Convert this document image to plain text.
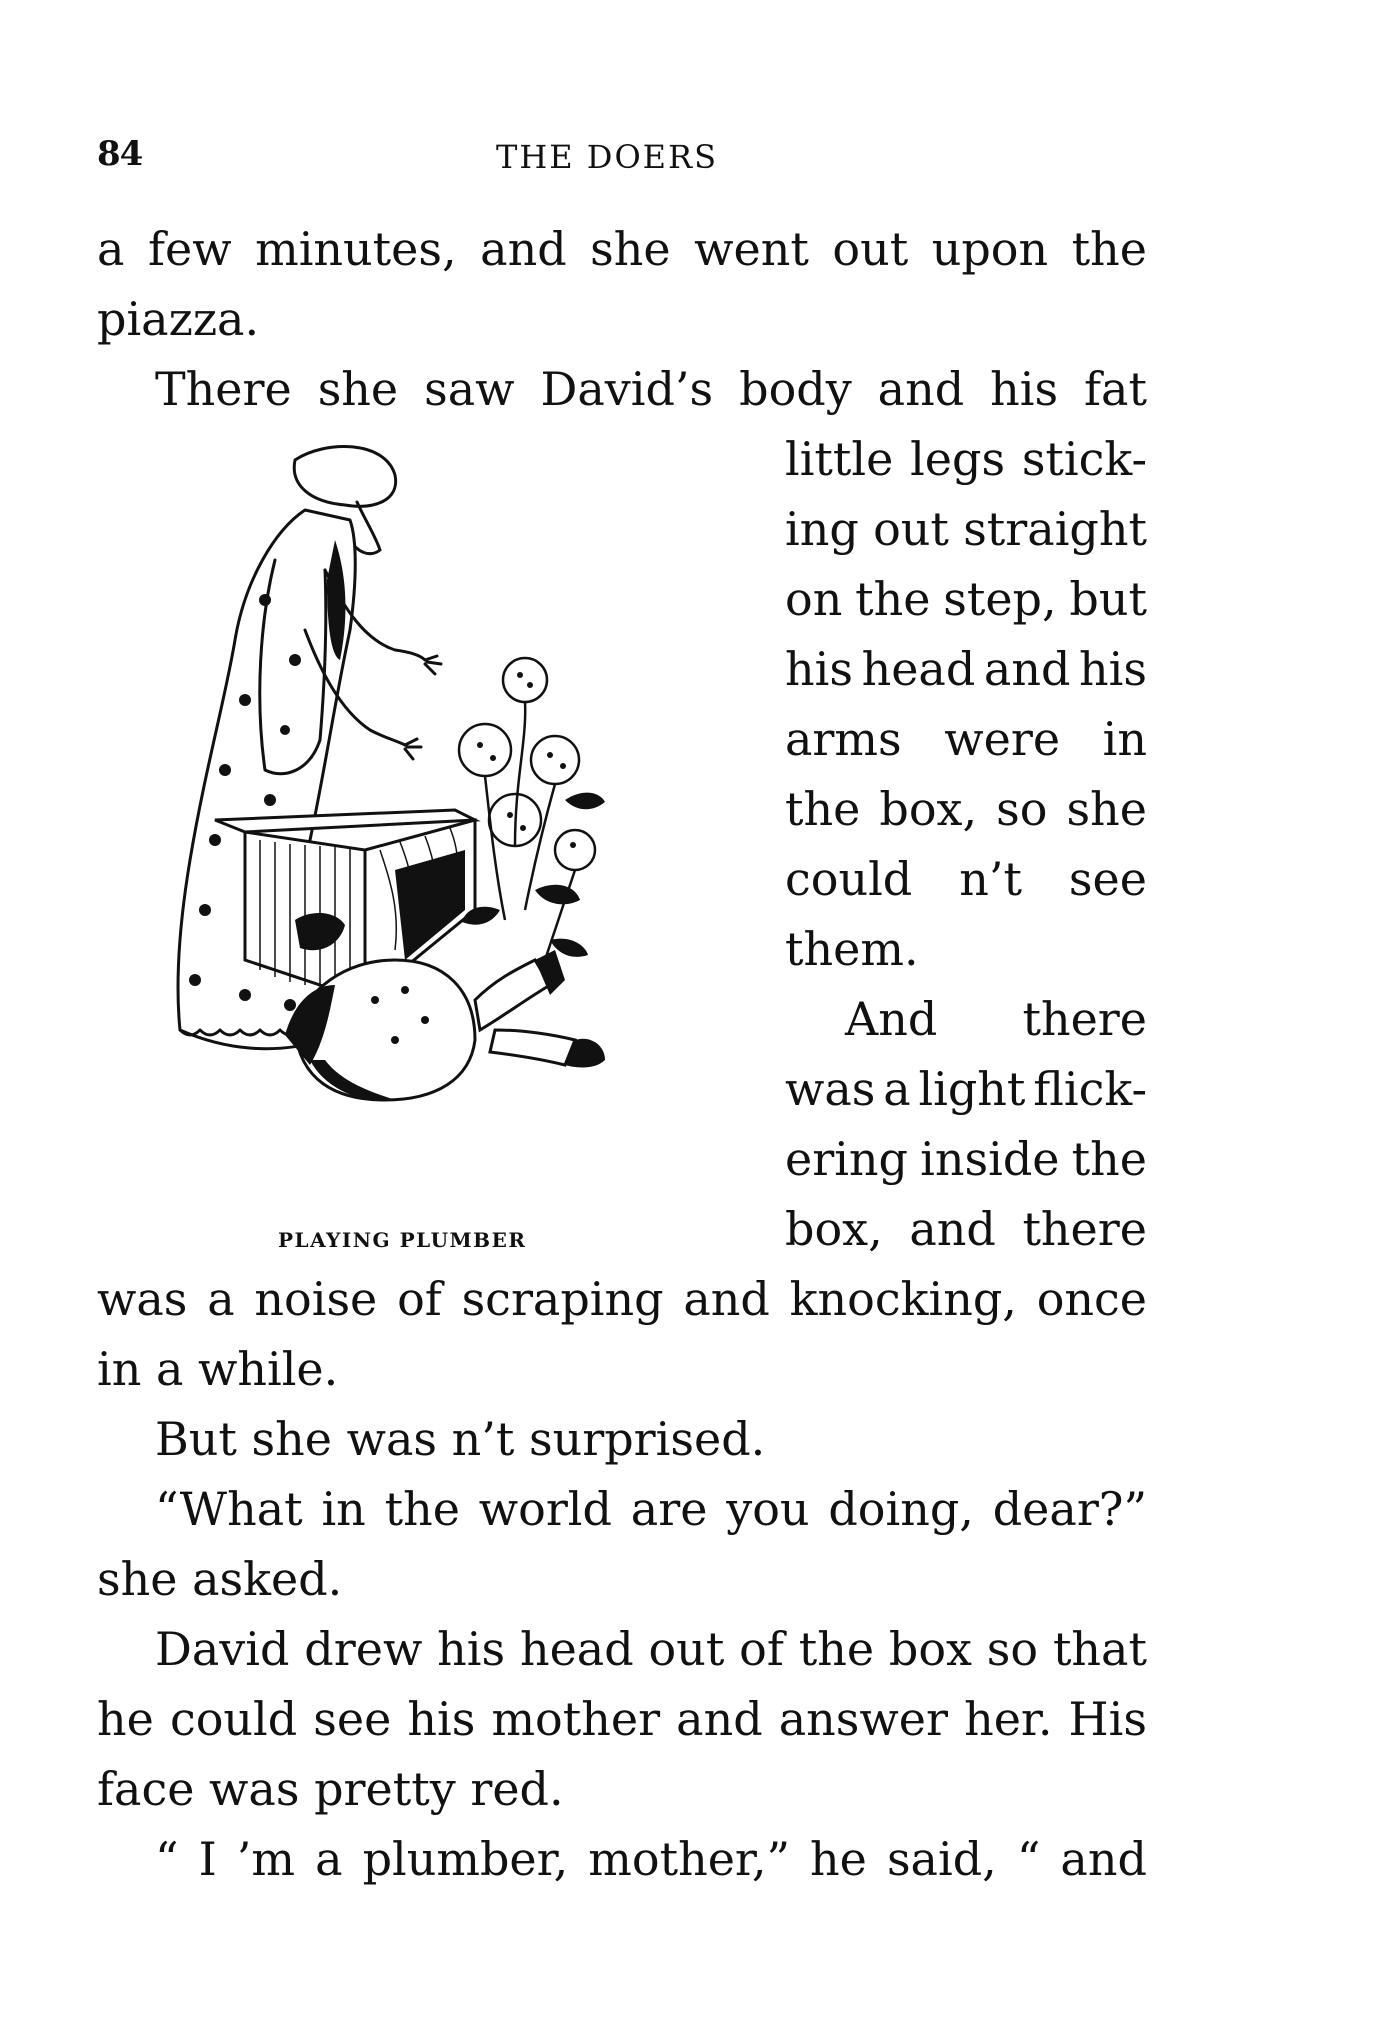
84	THE DOERS
a few minutes, and she went out upon the
piazza.
There she saw David’s body and his fat
little legs stick-
ing out straight
on the step, but
his head and his
arms were in
the box, so she
could n’t see
them.
And there
was a light flick-
ering inside the
box, and there
was a noise of scraping and knocking, once
in a while.
But she was n’t surprised.
“What in the world are you doing, dear?”
she asked.
David drew his head out of the box so that
he could see his mother and answer her. His
face was pretty red.
“ I ’m a plumber, mother,” he said, “ and
PLAYING PLUMBER
